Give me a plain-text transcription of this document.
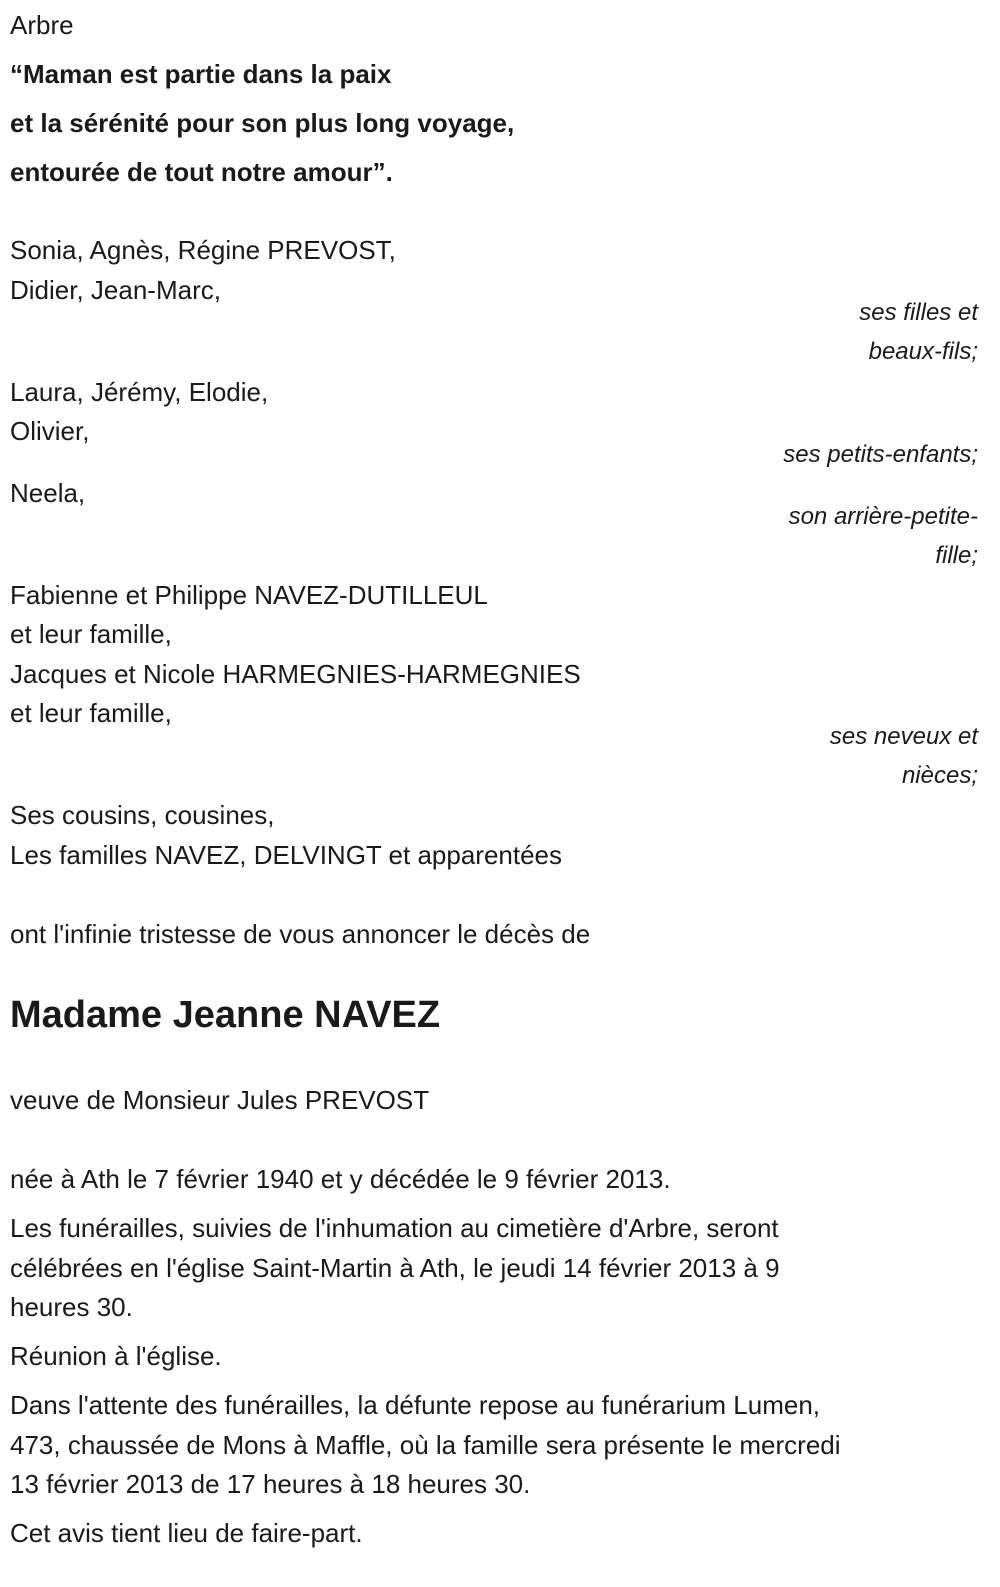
Arbre
“Maman est partie dans la paix
et la sérénité pour son plus long voyage,
entourée de tout notre amour”.
Sonia, Agnès, Régine PREVOST,
Didier, Jean-Marc,
ses filles et
beaux-fils;
Laura, Jérémy, Elodie,
Olivier,
ses petits-enfants;
Neela,
son arrière-petite-
fille;
Fabienne et Philippe NAVEZ-DUTILLEUL
et leur famille,
Jacques et Nicole HARMEGNIES-HARMEGNIES
et leur famille,
ses neveux et
nièces;
Ses cousins, cousines,
Les familles NAVEZ, DELVINGT et apparentées
ont l'infinie tristesse de vous annoncer le décès de
Madame Jeanne NAVEZ
veuve de Monsieur Jules PREVOST
née à Ath le 7 février 1940 et y décédée le 9 février 2013.
Les funérailles, suivies de l'inhumation au cimetière d'Arbre, seront
célébrées en l'église Saint-Martin à Ath, le jeudi 14 février 2013 à 9
heures 30.
Réunion à l'église.
Dans l'attente des funérailles, la défunte repose au funérarium Lumen,
473, chaussée de Mons à Maffle, où la famille sera présente le mercredi
13 février 2013 de 17 heures à 18 heures 30.
Cet avis tient lieu de faire-part.
